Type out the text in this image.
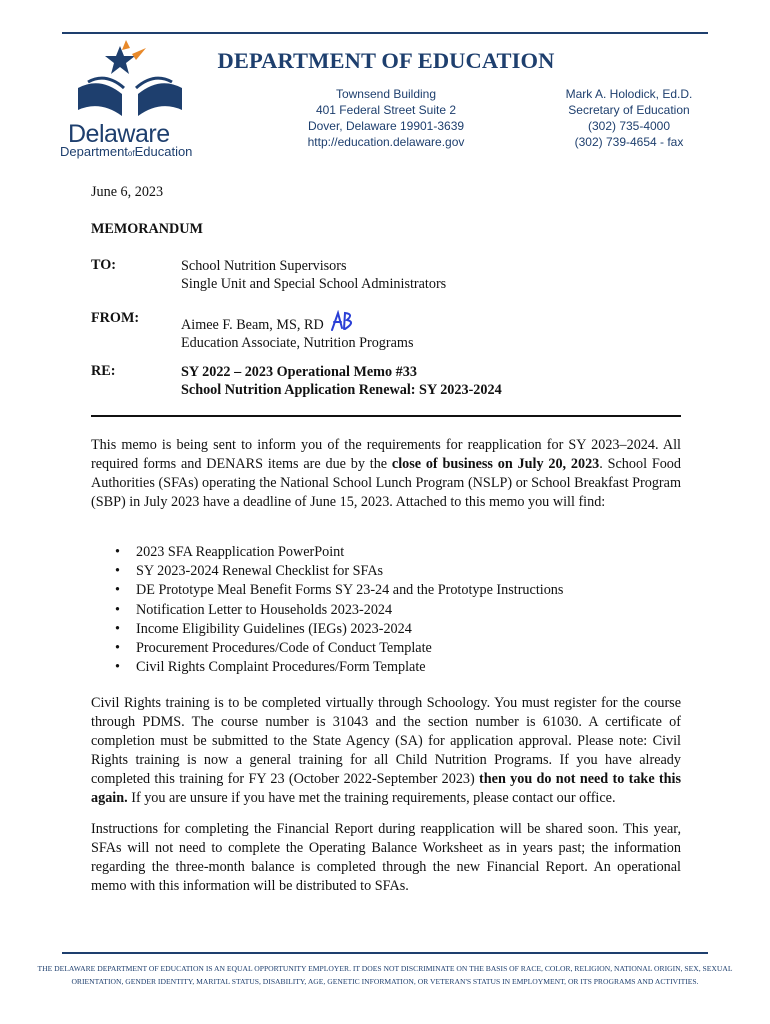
Delaware
DepartmentofEducation
DEPARTMENT OF EDUCATION
Townsend Building
401 Federal Street Suite 2
Dover, Delaware 19901-3639
http://education.delaware.gov
Mark A. Holodick, Ed.D.
Secretary of Education
(302) 735-4000
(302) 739-4654 - fax
June 6, 2023
MEMORANDUM
TO:	School Nutrition Supervisors
Single Unit and Special School Administrators
FROM:	Aimee F. Beam, MS, RD
Education Associate, Nutrition Programs
RE:	SY 2022 – 2023 Operational Memo #33
School Nutrition Application Renewal: SY 2023-2024
This memo is being sent to inform you of the requirements for reapplication for SY 2023–2024. All required forms and DENARS items are due by the close of business on July 20, 2023. School Food Authorities (SFAs) operating the National School Lunch Program (NSLP) or School Breakfast Program (SBP) in July 2023 have a deadline of June 15, 2023. Attached to this memo you will find:
• 2023 SFA Reapplication PowerPoint
• SY 2023-2024 Renewal Checklist for SFAs
• DE Prototype Meal Benefit Forms SY 23-24 and the Prototype Instructions
• Notification Letter to Households 2023-2024
• Income Eligibility Guidelines (IEGs) 2023-2024
• Procurement Procedures/Code of Conduct Template
• Civil Rights Complaint Procedures/Form Template
Civil Rights training is to be completed virtually through Schoology. You must register for the course through PDMS. The course number is 31043 and the section number is 61030. A certificate of completion must be submitted to the State Agency (SA) for application approval. Please note: Civil Rights training is now a general training for all Child Nutrition Programs. If you have already completed this training for FY 23 (October 2022-September 2023) then you do not need to take this again. If you are unsure if you have met the training requirements, please contact our office.
Instructions for completing the Financial Report during reapplication will be shared soon. This year, SFAs will not need to complete the Operating Balance Worksheet as in years past; the information regarding the three-month balance is completed through the new Financial Report. An operational memo with this information will be distributed to SFAs.
THE DELAWARE DEPARTMENT OF EDUCATION IS AN EQUAL OPPORTUNITY EMPLOYER. IT DOES NOT DISCRIMINATE ON THE BASIS OF RACE, COLOR, RELIGION, NATIONAL ORIGIN, SEX, SEXUAL
ORIENTATION, GENDER IDENTITY, MARITAL STATUS, DISABILITY, AGE, GENETIC INFORMATION, OR VETERAN'S STATUS IN EMPLOYMENT, OR ITS PROGRAMS AND ACTIVITIES.
